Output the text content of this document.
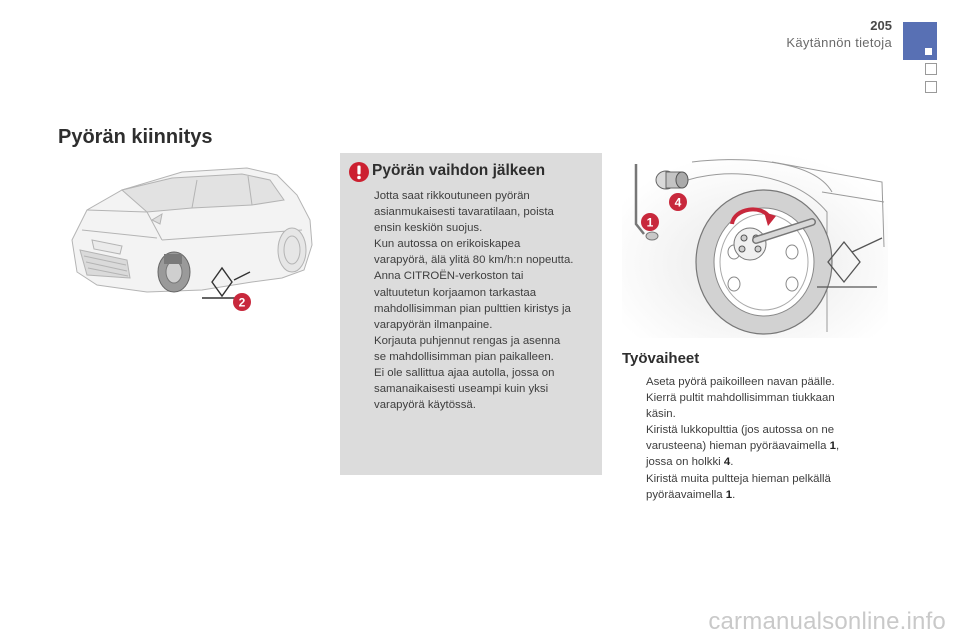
205
Käytännön tietoja
Pyörän kiinnitys
2
Pyörän vaihdon jälkeen

Jotta saat rikkoutuneen pyörän

asianmukaisesti tavaratilaan, poista

ensin keskiön suojus.

Kun autossa on erikoiskapea

varapyörä, älä ylitä 80 km/h:n nopeutta.

Anna CITROËN-verkoston tai

valtuutetun korjaamon tarkastaa

mahdollisimman pian pulttien kiristys ja

varapyörän ilmanpaine.

Korjauta puhjennut rengas ja asenna

se mahdollisimman pian paikalleen.

Ei ole sallittua ajaa autolla, jossa on

samanaikaisesti useampi kuin yksi

varapyörä käytössä.

1
4
Työvaiheet
Aseta pyörä paikoilleen navan päälle.
Kierrä pultit mahdollisimman tiukkaan
käsin.
Kiristä lukkopulttia (jos autossa on ne
varusteena) hieman pyöräavaimella 1,
jossa on holkki 4.
Kiristä muita pultteja hieman pelkällä
pyöräavaimella 1.
carmanualsonline.info
